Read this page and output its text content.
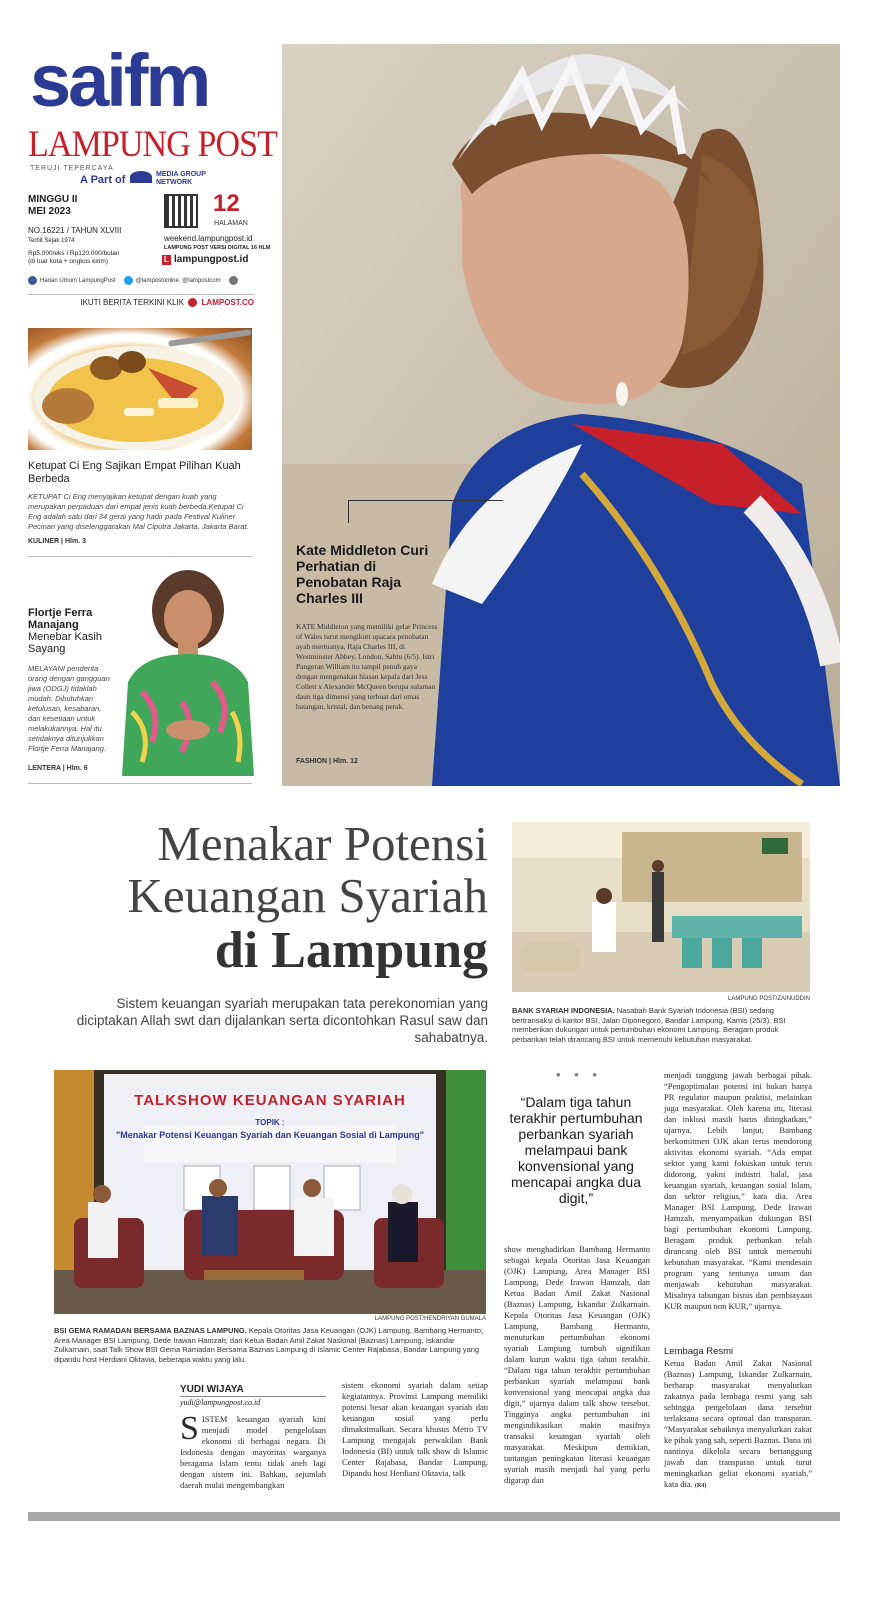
saifm
LAMPUNG POST
TERUJI TEPERCAYA
A Part of	MEDIA GROUP
NETWORK
MINGGU II
MEI 2023
NO.16221 / TAHUN XLVIII
Terbit Sejak 1974
Rp5.000/eks I Rp120.000/bulan
(di luar kota + ongkos kirim)
12
HALAMAN
weekend.lampungpost.id
LAMPUNG POST VERSI DIGITAL 16 HLM
L lampungpost.id
Harian Umum LampungPost	@lampostonline, @lampostcom
IKUTI BERITA TERKINI KLIK LAMPOST.CO
Ketupat Ci Eng Sajikan Empat Pilihan Kuah Berbeda
KETUPAT Ci Eng menyajikan ketupat dengan kuah yang merupakan perpaduan dari empat jenis kuah berbeda.Ketupat Ci Eng adalah satu dari 34 gerai yang hadir pada Festival Kuliner Pecinan yang diselenggarakan Mal Ciputra Jakarta, Jakarta Barat.
KULINER | Hlm. 3
Flortje Ferra Manajang
Menebar Kasih Sayang
MELAYANI penderita orang dengan gangguan jiwa (ODGJ) tidaklah mudah. Dibutuhkan ketulusan, kesabaran, dan kesetiaan untuk melakukannya. Hal itu setidaknya ditunjukkan Flortje Ferra Manajang.
LENTERA | Hlm. 6
Kate Middleton Curi Perhatian di Penobatan Raja Charles III
KATE Middleton yang memiliki gelar Princess of Wales turut mengikuti upacara penobatan ayah mertuanya, Raja Charles III, di Westminster Abbey, London, Sabtu (6/5). Istri Pangeran William itu tampil penuh gaya dengan mengenakan hiasan kepala dari Jess Collett x Alexander McQueen berupa sulaman daun tiga dimensi yang terbuat dari emas batangan, kristal, dan benang perak.
FASHION | Hlm. 12
Menakar Potensi
Keuangan Syariah
di Lampung
Sistem keuangan syariah merupakan tata perekonomian yang diciptakan Allah swt dan dijalankan serta dicontohkan Rasul saw dan sahabatnya.
LAMPUNG POST/ZAINUDDIN
BANK SYARIAH INDONESIA. Nasabah Bank Syariah Indonesia (BSI) sedang bertransaksi di kantor BSI, Jalan Diponegoro, Bandar Lampung, Kamis (25/3). BSI memberikan dukungan untuk pertumbuhan ekonomi Lampung. Beragam produk perbankan telah dirancang BSI untuk memenuhi kebutuhan masyarakat.
TALKSHOW KEUANGAN SYARIAH
TOPIK :
"Menakar Potensi Keuangan Syariah dan Keuangan Sosial di Lampung"
LAMPUNG POST/HENDRIYAN GUMALA
BSI GEMA RAMADAN BERSAMA BAZNAS LAMPUNG. Kepala Otoritas Jasa Keuangan (OJK) Lampung, Bambang Hermanto; Area Manager BSI Lampung, Dede Irawan Hamzah; dan Ketua Badan Amil Zakat Nasional (Baznas) Lampung, Iskandar Zulkarnain, saat Talk Show BSI Gema Ramadan Bersama Baznas Lampung di Islamic Center Rajabasa, Bandar Lampung yang dipandu host Herdiani Oktavia, beberapa waktu yang lalu.
YUDI WIJAYA
yudi@lampungpost.co.id
S ISTEM keuangan syariah kini menjadi model pengelolaan ekonomi di berbagai negara. Di Indonesia dengan mayoritas warganya beragama Islam tentu tidak aneh lagi dengan sistem ini. Bahkan, sejumlah daerah mulai mengembangkan
sistem ekonomi syariah dalam setiap kegiatannya. Provinsi Lampung memiliki potensi besar akan keuangan syariah dan keuangan sosial yang perlu dimaksimalkan. Secara khusus Metro TV Lampung mengajak perwakilan Bank Indonesia (BI) untuk talk show di Islamic Center Rajabasa, Bandar Lampung. Dipandu host Herdiani Oktavia, talk
• • •
“Dalam tiga tahun terakhir pertumbuhan perbankan syariah melampaui bank konvensional yang mencapai angka dua digit,”
show menghadirkan Bambang Hermanto sebagai kepala Otoritas Jasa Keuangan (OJK) Lampung, Area Manager BSI Lampung, Dede Irawan Hamzah, dan Ketua Badan Amil Zakat Nasional (Baznas) Lampung, Iskandar Zulkarnain. Kepala Otoritas Jasa Keuangan (OJK) Lampung, Bambang Hermanto, menuturkan pertumbuhan ekonomi syariah Lampung tumbuh signifikan dalam kurun waktu tiga tahun terakhir. “Dalam tiga tahun terakhir pertumbuhan perbankan syariah melampaui bank konvensional yang mencapai angka dua digit,” ujarnya dalam talk show tersebut. Tingginya angka pertumbuhan ini mengindikasikan makin masifnya transaksi keuangan syariah oleh masyarakat. Meskipun demikian, tantangan peningkatan literasi keuangan syariah masih menjadi hal yang perlu digarap dan
menjadi tanggung jawab berbagai pihak. “Pengoptimalan potensi ini bukan hanya PR regulator maupun praktisi, melainkan juga masyarakat. Oleh karena itu, literasi dan inklusi masih harus ditingkatkan,” ujarnya. Lebih lanjut, Bambang berkomitmen OJK akan terus mendorong aktivitas ekonomi syariah. “Ada empat sektor yang kami fokuskan untuk terus didorong, yakni industri halal, jasa keuangan syariah, keuangan sosial Islam, dan sektor religius,” kata dia. Area Manager BSI Lampung, Dede Irawan Hamzah, menyampaikan dukungan BSI bagi pertumbuhan ekonomi Lampung. Beragam produk perbankan telah dirancang oleh BSI untuk memenuhi kebutuhan masyarakat. “Kami mendesain program yang tentunya umum dan menjawab kebutuhan masyarakat. Misalnya tabungan bisnis dan pembiayaan KUR maupun non KUR,” ujarnya.
Lembaga Resmi
Ketua Badan Amil Zakat Nasional (Baznas) Lampung, Iskandar Zulkarnain, berharap masyarakat menyalurkan zakatnya pada lembaga resmi yang sah sehingga pengelolaan dana tersebut terlaksana secara optimal dan transparan. “Masyarakat sebaiknya menyalurkan zakat ke pihak yang sah, seperti Baznas. Dana ini nantinya dikelola secara bertanggung jawab dan transparan untuk turut meningkatkan geliat ekonomi syariah,” kata dia. (R4)
